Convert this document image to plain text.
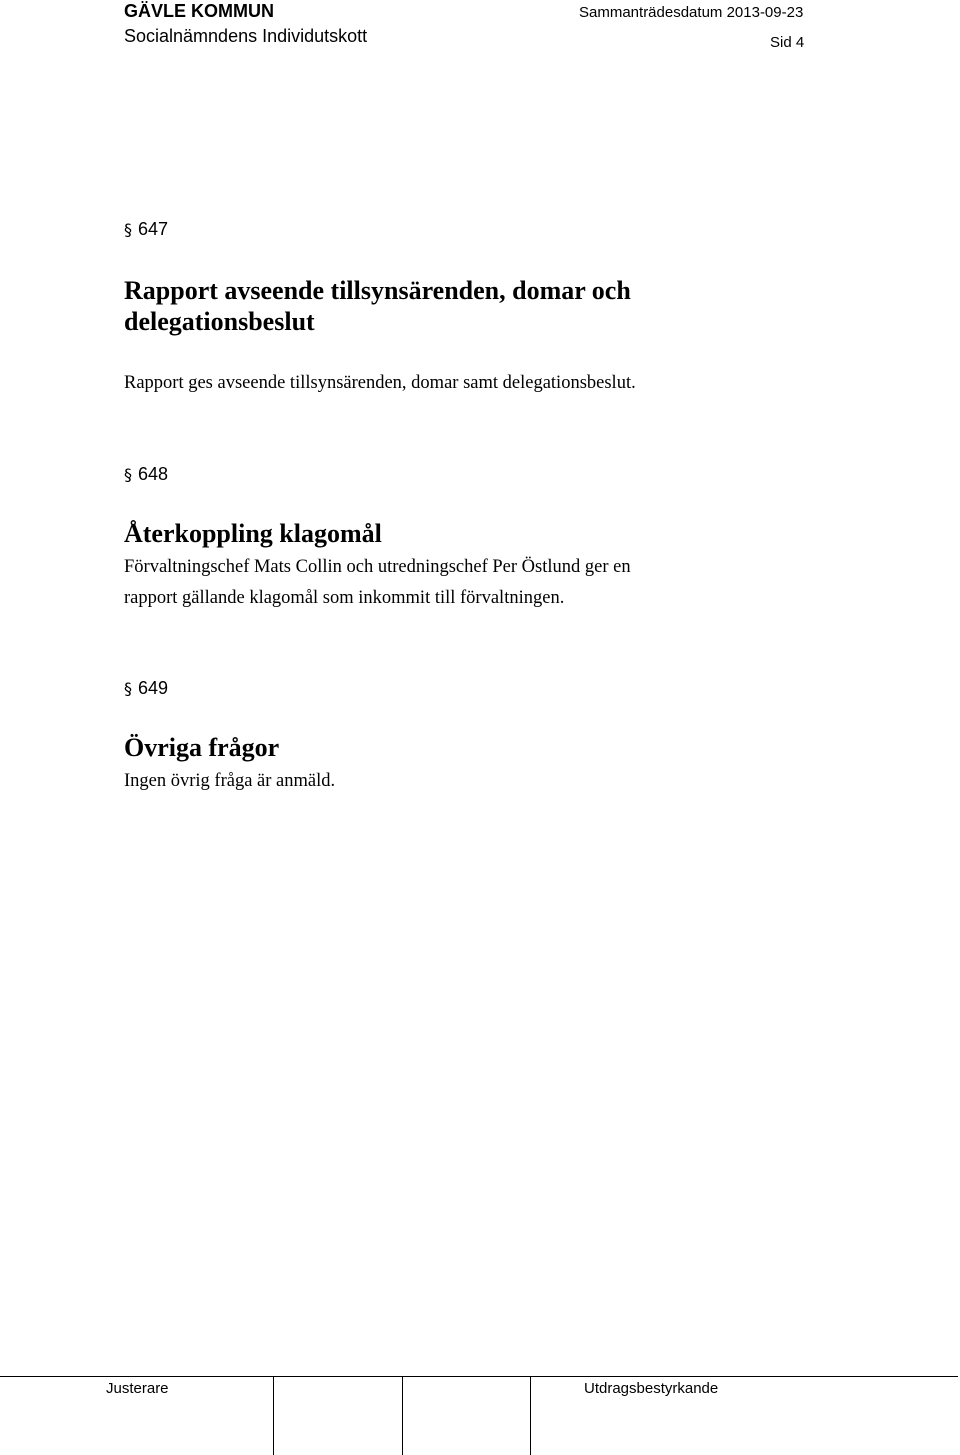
GÄVLE KOMMUN
Socialnämndens Individutskott
Sammanträdesdatum 2013-09-23
Sid 4
§ 647
Rapport avseende tillsynsärenden, domar och
delegationsbeslut
Rapport ges avseende tillsynsärenden, domar samt delegationsbeslut.
§ 648
Återkoppling klagomål
Förvaltningschef Mats Collin och utredningschef Per Östlund ger en
rapport gällande klagomål som inkommit till förvaltningen.
§ 649
Övriga frågor
Ingen övrig fråga är anmäld.
Justerare	Utdragsbestyrkande
